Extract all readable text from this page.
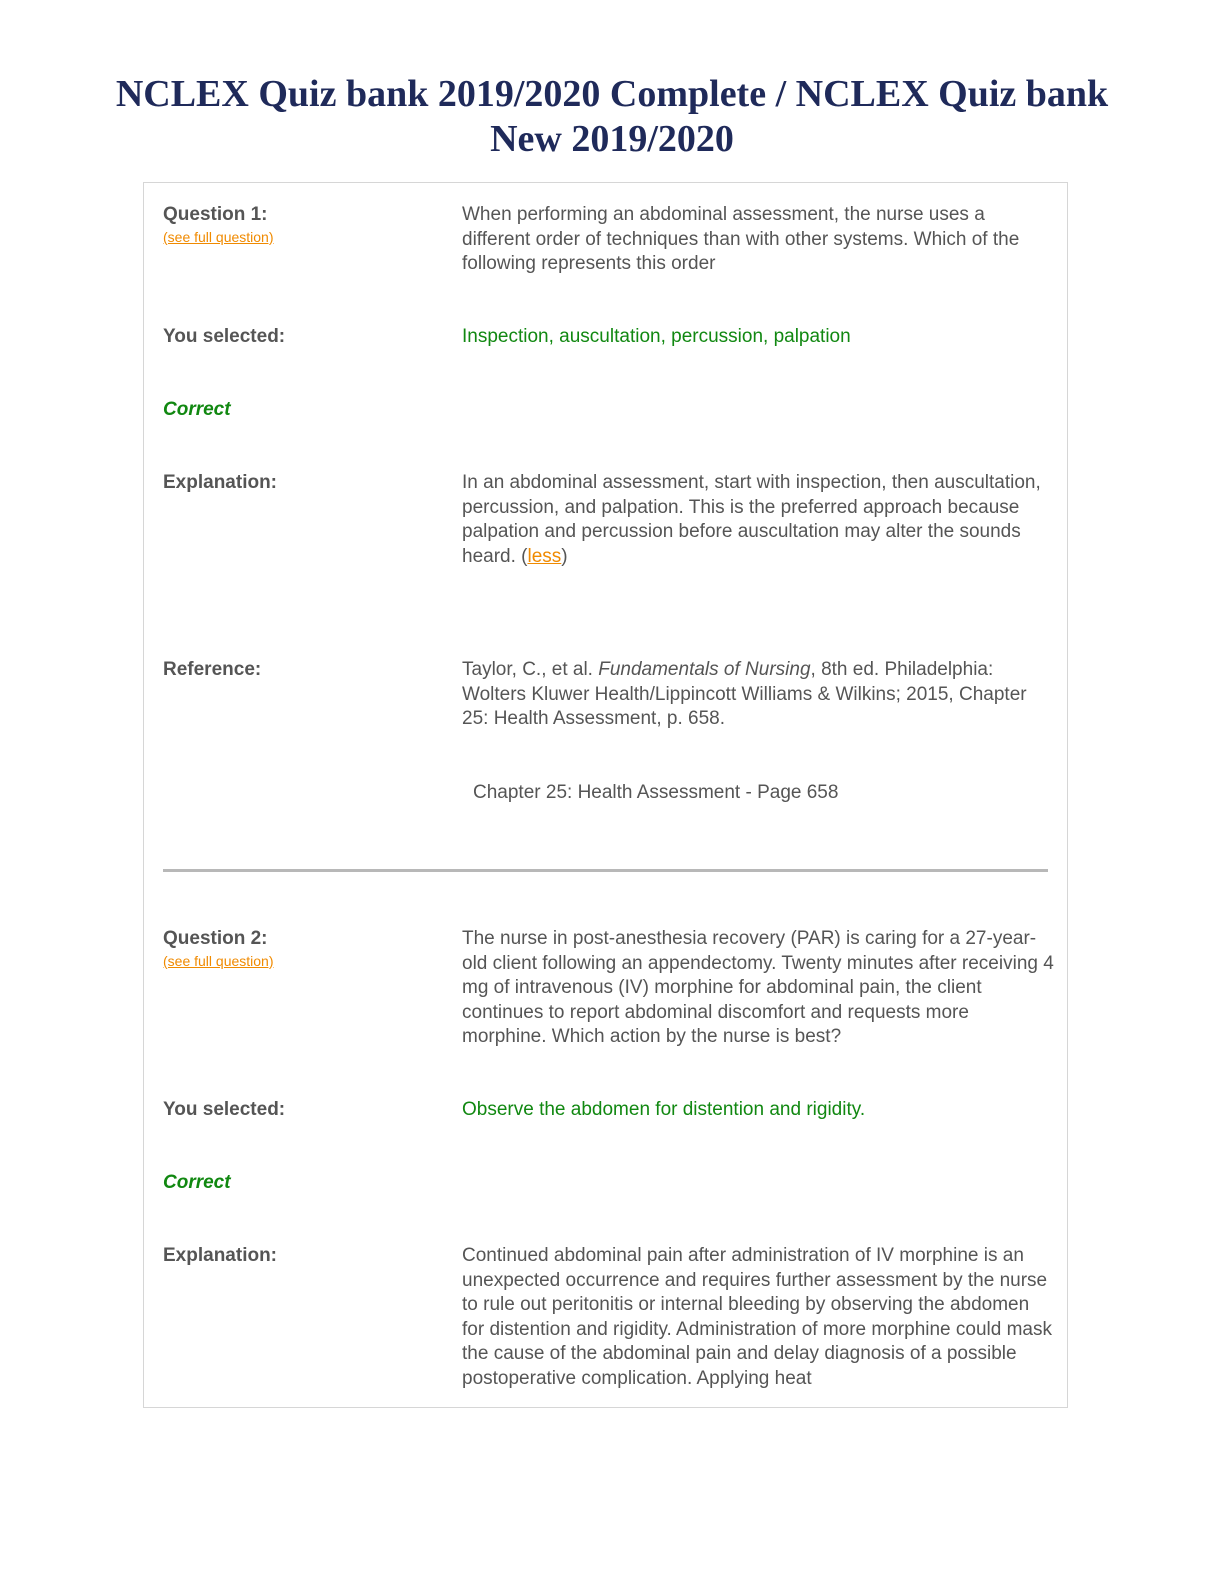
NCLEX Quiz bank 2019/2020 Complete / NCLEX Quiz bank New 2019/2020
Question 1:
(see full question)
When performing an abdominal assessment, the nurse uses a different order of techniques than with other systems. Which of the following represents this order
You selected:	Inspection, auscultation, percussion, palpation
Correct
Explanation:	In an abdominal assessment, start with inspection, then auscultation, percussion, and palpation. This is the preferred approach because palpation and percussion before auscultation may alter the sounds heard. (less)
Reference:	Taylor, C., et al. Fundamentals of Nursing, 8th ed. Philadelphia: Wolters Kluwer Health/Lippincott Williams & Wilkins; 2015, Chapter 25: Health Assessment, p. 658.
Chapter 25: Health Assessment - Page 658
Question 2:
(see full question)
The nurse in post-anesthesia recovery (PAR) is caring for a 27-year-old client following an appendectomy. Twenty minutes after receiving 4 mg of intravenous (IV) morphine for abdominal pain, the client continues to report abdominal discomfort and requests more morphine. Which action by the nurse is best?
You selected:	Observe the abdomen for distention and rigidity.
Correct
Explanation:	Continued abdominal pain after administration of IV morphine is an unexpected occurrence and requires further assessment by the nurse to rule out peritonitis or internal bleeding by observing the abdomen for distention and rigidity. Administration of more morphine could mask the cause of the abdominal pain and delay diagnosis of a possible postoperative complication. Applying heat
